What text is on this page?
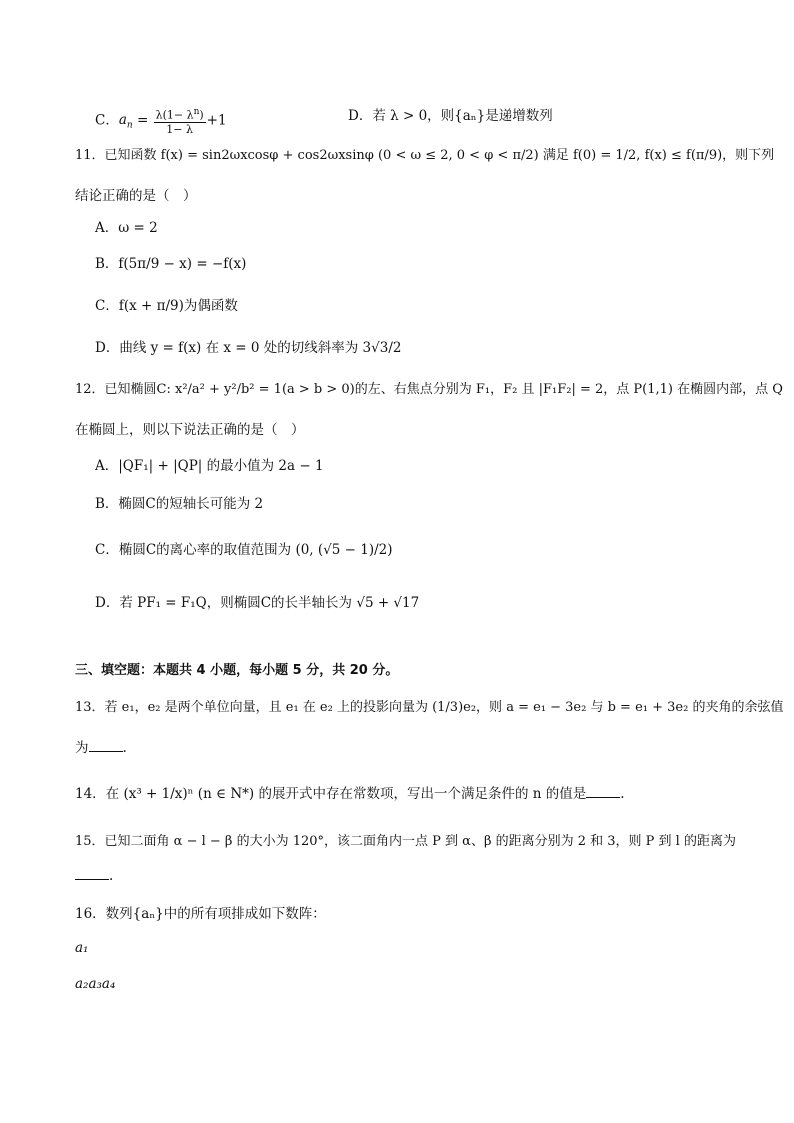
C．$a_n = \frac{\lambda(1- \lambda^n)}{1- \lambda} +1$	D．若 λ > 0，则{aₙ}是递增数列
11．已知函数 f(x) = sin2ωxcosφ + cos2ωxsinφ (0 < ω ≤ 2, 0 < φ < π/2) 满足 f(0) = 1/2, f(x) ≤ f(π/9)，则下列
结论正确的是（　）
A．ω = 2
B．f(5π/9 − x) = −f(x)
C．f(x + π/9)为偶函数
D．曲线 y = f(x) 在 x = 0 处的切线斜率为 3√3/2
12．已知椭圆C: x²/a² + y²/b² = 1(a > b > 0)的左、右焦点分别为 F₁，F₂ 且 |F₁F₂| = 2，点 P(1,1) 在椭圆内部，点 Q
在椭圆上，则以下说法正确的是（　）
A．|QF₁| + |QP| 的最小值为 2a − 1
B．椭圆C的短轴长可能为 2
C．椭圆C的离心率的取值范围为 (0, (√5 − 1)/2)
D．若 PF₁ = F₁Q，则椭圆C的长半轴长为 √5 + √17
三、填空题：本题共 4 小题，每小题 5 分，共 20 分。
13．若 e₁，e₂ 是两个单位向量，且 e₁ 在 e₂ 上的投影向量为 (1/3)e₂，则 a = e₁ − 3e₂ 与 b = e₁ + 3e₂ 的夹角的余弦值
为	.
14．在 (x³ + 1/x)ⁿ (n ∈ N*) 的展开式中存在常数项，写出一个满足条件的 n 的值是	.
15．已知二面角 α − l − β 的大小为 120°，该二面角内一点 P 到 α、β 的距离分别为 2 和 3，则 P 到 l 的距离为
.
16．数列{aₙ}中的所有项排成如下数阵：
a₁
a₂a₃a₄
